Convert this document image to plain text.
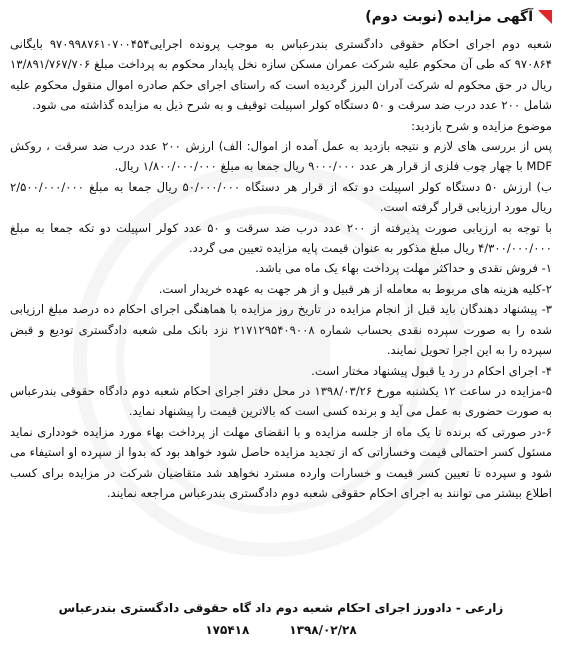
آگهی مزایده (نوبت دوم)

شعبه دوم اجرای احکام حقوقی دادگستری بندرعباس به موجب پرونده اجرایی۹۷۰۹۹۸۷۶۱۰۷۰۰۴۵۴ بایگانی ۹۷۰۸۶۴ که طی آن محکوم علیه شرکت عمران مسکن سازه نخل پایدار محکوم به پرداخت مبلغ ۱۳/۸۹۱/۷۶۷/۷۰۶ ریال در حق محکوم له شرکت آدران البرز گردیده است که راستای اجرای حکم صادره اموال منقول محکوم علیه شامل ۲۰۰ عدد درب ضد سرقت و ۵۰ دستگاه کولر اسپیلت توقیف و به شرح ذیل به مزایده گذاشته می شود.

موضوع مزایده و شرح بازدید:

پس از بررسی های لازم و نتیجه بازدید به عمل آمده از اموال: الف) ارزش ۲۰۰ عدد درب ضد سرقت ، روکش MDF با چهار چوب فلزی از قرار هر عدد ۹۰۰۰/۰۰۰ ریال جمعا به مبلغ ۱/۸۰۰/۰۰۰/۰۰۰ ریال.

ب) ارزش ۵۰ دستگاه کولر اسپیلت دو تکه از قرار هر دستگاه ۵۰/۰۰۰/۰۰۰ ریال جمعا به مبلغ ۲/۵۰۰/۰۰۰/۰۰۰ ریال مورد ارزیابی قرار گرفته است.

با توجه به ارزیابی صورت پذیرفته از ۲۰۰ عدد درب ضد سرقت و ۵۰ عدد کولر اسپیلت دو تکه جمعا به مبلغ ۴/۳۰۰/۰۰۰/۰۰۰ ریال مبلغ مذکور به عنوان قیمت پایه مزایده تعیین می گردد.

۱- فروش نقدی و حداکثر مهلت پرداخت بهاء یک ماه می باشد.

۲-کلیه هزینه های مربوط به معامله از هر قبیل و از هر جهت به عهده خریدار است.

۳- پیشنهاد دهندگان باید قبل از انجام مزایده در تاریخ روز مزایده با هماهنگی اجرای احکام ده درصد مبلغ ارزیابی شده را به صورت سپرده نقدی بحساب شماره ۲۱۷۱۲۹۵۴۰۹۰۰۸ نزد بانک ملی شعبه دادگستری تودیع و قبض سپرده را به این اجرا تحویل نمایند.

۴- اجرای احکام در رد یا قبول پیشنهاد مختار است.

۵-مزایده در ساعت ۱۲ یکشنبه مورخ ۱۳۹۸/۰۳/۲۶ در محل دفتر اجرای احکام شعبه دوم دادگاه حقوقی بندرعباس به صورت حضوری به عمل می آید و برنده کسی است که بالاترین قیمت را پیشنهاد نماید.

۶-در صورتی که برنده تا یک ماه از جلسه مزایده و با انقضای مهلت از پرداخت بهاء مورد مزایده خودداری نماید مسئول کسر احتمالی قیمت وخساراتی که از تجدید مزایده حاصل شود خواهد بود که بدوا از سپرده او استیفاء می شود و سپرده تا تعیین کسر قیمت و خسارات وارده مسترد نخواهد شد متقاضیان شرکت در مزایده برای کسب اطلاع بیشتر می توانند به اجرای احکام حقوقی شعبه دوم دادگستری بندرعباس مراجعه نمایند.

زارعی - دادورز اجرای احکام شعبه دوم داد گاه حقوقی دادگستری بندرعباس
۱۳۹۸/۰۲/۲۸
۱۷۵۴۱۸
